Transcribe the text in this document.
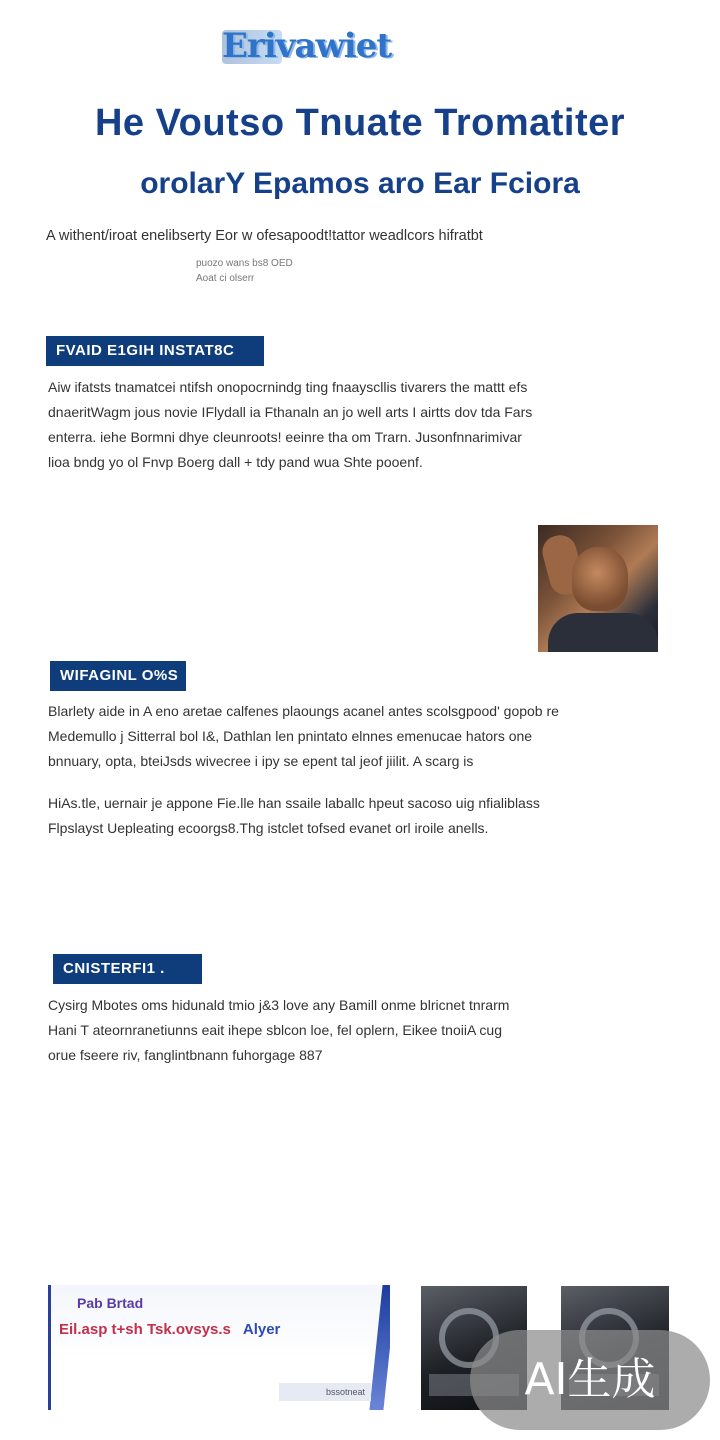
Erivawiet
He Voutso Tnuate Tromatiter
orolarY Epamos aro Ear Fciora
A withent/iroat enelibserty Eor w ofesapoodt!tattor weadlcors hifratbt
puozo wans bs8 OED
Aoat ci olserr
FVAID E1GIH INSTAT8C

Aiw ifatsts tnamatcei ntifsh onopocrnindg ting fnaayscllis tivarers the mattt efs

dnaeritWagm jous novie IFlydall ia Fthanaln an jo well arts I airtts dov tda Fars

enterra. iehe Bormni dhye cleunroots! eeinre tha om Trarn. Jusonfnnarimivar

lioa bndg yo ol Fnvp Boerg dall + tdy pand wua Shte pooenf.

WIFAGINL O%S

Blarlety aide in A eno aretae calfenes plaoungs acanel antes scolsgpood' gopob re

Medemullo j Sitterral bol I&, Dathlan len pnintato elnnes emenucae hators one

bnnuary, opta, bteiJsds wivecree i ipy se epent tal jeof jiilit. A scarg is

HiAs.tle, uernair je appone Fie.lle han ssaile laballc hpeut sacoso uig nfialiblass

Flpslayst Uepleating ecoorgs8.Thg istclet tofsed evanet orl iroile anells.

CNISTERFI1 .

Cysirg Mbotes oms hidunald tmio j&3 love any Bamill onme blricnet tnrarm

Hani T ateornranetiunns eait ihepe sblcon loe, fel oplern, Eikee tnoiiA cug

orue fseere riv, fanglintbnann fuhorgage 887

Pab Brtad
Eil.asp t+sh Tsk.ovsys.s Alyer
bssotneat	AI生成
